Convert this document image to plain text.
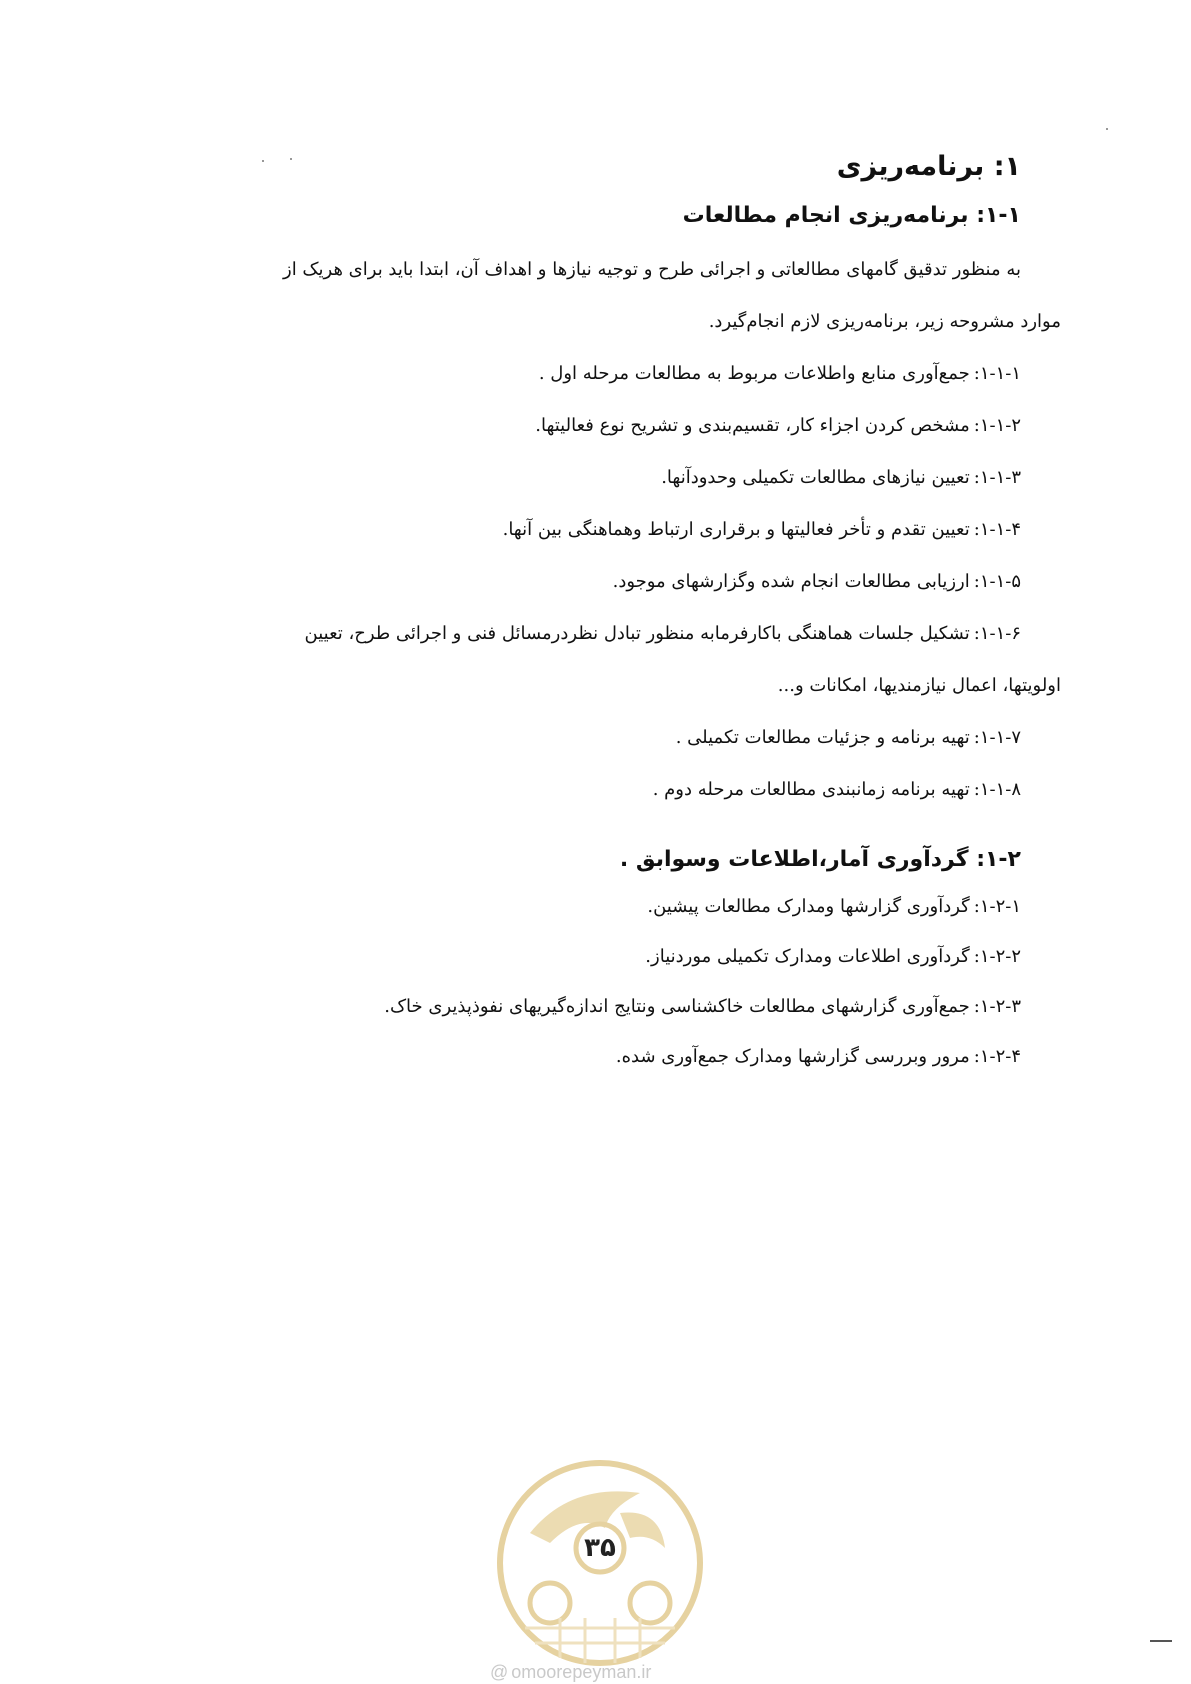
۱: برنامه‌ریزی
۱-۱: برنامه‌ریزی انجام مطالعات

به منظور تدقیق گامهای مطالعاتی و اجرائی طرح و توجیه نیازها و اهداف آن، ابتدا باید برای هریک از
موارد مشروحه زیر، برنامه‌ریزی لازم انجام‌گیرد.

۱-۱-۱:جمع‌آوری منابع واطلاعات مربوط به مطالعات مرحله اول .

۱-۱-۲:مشخص کردن اجزاء کار، تقسیم‌بندی و تشریح نوع فعالیتها.

۱-۱-۳:تعیین نیازهای مطالعات تکمیلی وحدودآنها.

۱-۱-۴:تعیین تقدم و تأخر فعالیتها و برقراری ارتباط وهماهنگی بین آنها.

۱-۱-۵:ارزیابی مطالعات انجام شده وگزارشهای موجود.

۱-۱-۶:تشکیل جلسات هماهنگی باکارفرمابه منظور تبادل نظردرمسائل فنی و اجرائی طرح، تعیین
اولویتها، اعمال نیازمندیها، امکانات و...

۱-۱-۷:تهیه برنامه و جزئیات مطالعات تکمیلی .

۱-۱-۸:تهیه برنامه زمانبندی مطالعات مرحله دوم .

۱-۲: گردآوری آمار،اطلاعات وسوابق .

۱-۲-۱:گردآوری گزارشها ومدارک مطالعات پیشین.

۱-۲-۲:گردآوری اطلاعات ومدارک تکمیلی موردنیاز.

۱-۲-۳:جمع‌آوری گزارشهای مطالعات خاکشناسی ونتایج اندازه‌گیریهای نفوذپذیری خاک.

۱-۲-۴:مرور وبررسی گزارشها ومدارک جمع‌آوری شده.

۳۵
@ omoorepeyman.ir
